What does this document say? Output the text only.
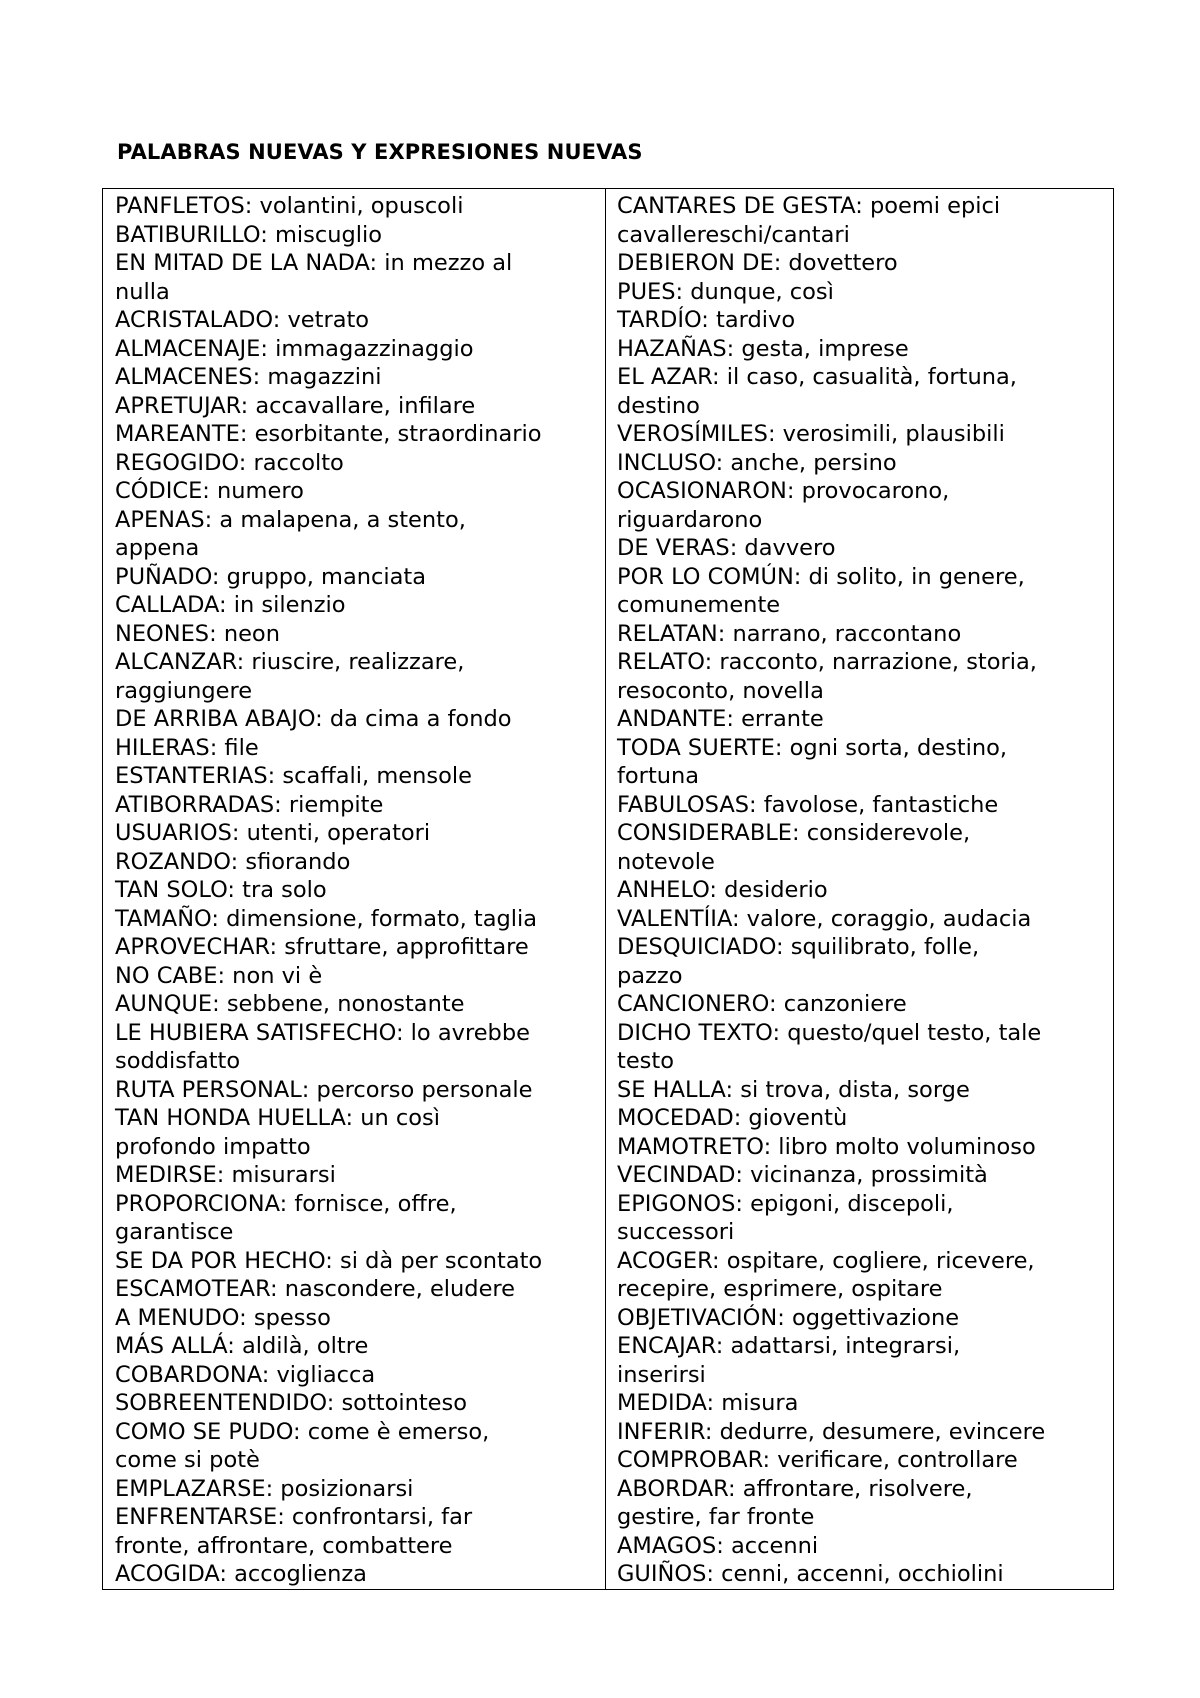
PALABRAS NUEVAS Y EXPRESIONES NUEVAS
PANFLETOS: volantini, opuscoli
BATIBURILLO: miscuglio
EN MITAD DE LA NADA: in mezzo al
nulla
ACRISTALADO: vetrato
ALMACENAJE: immagazzinaggio
ALMACENES: magazzini
APRETUJAR: accavallare, infilare
MAREANTE: esorbitante, straordinario
REGOGIDO: raccolto
CÓDICE: numero
APENAS: a malapena, a stento,
appena
PUÑADO: gruppo, manciata
CALLADA: in silenzio
NEONES: neon
ALCANZAR: riuscire, realizzare,
raggiungere
DE ARRIBA ABAJO: da cima a fondo
HILERAS: file
ESTANTERIAS: scaffali, mensole
ATIBORRADAS: riempite
USUARIOS: utenti, operatori
ROZANDO: sfiorando
TAN SOLO: tra solo
TAMAÑO: dimensione, formato, taglia
APROVECHAR: sfruttare, approfittare
NO CABE: non vi è
AUNQUE: sebbene, nonostante
LE HUBIERA SATISFECHO: lo avrebbe
soddisfatto
RUTA PERSONAL: percorso personale
TAN HONDA HUELLA: un così
profondo impatto
MEDIRSE: misurarsi
PROPORCIONA: fornisce, offre,
garantisce
SE DA POR HECHO: si dà per scontato
ESCAMOTEAR: nascondere, eludere
A MENUDO: spesso
MÁS ALLÁ: aldilà, oltre
COBARDONA: vigliacca
SOBREENTENDIDO: sottointeso
COMO SE PUDO: come è emerso,
come si potè
EMPLAZARSE: posizionarsi
ENFRENTARSE: confrontarsi, far
fronte, affrontare, combattere
ACOGIDA: accoglienza

CANTARES DE GESTA: poemi epici
cavallereschi/cantari
DEBIERON DE: dovettero
PUES: dunque, così
TARDÍO: tardivo
HAZAÑAS: gesta, imprese
EL AZAR: il caso, casualità, fortuna,
destino
VEROSÍMILES: verosimili, plausibili
INCLUSO: anche, persino
OCASIONARON: provocarono,
riguardarono
DE VERAS: davvero
POR LO COMÚN: di solito, in genere,
comunemente
RELATAN: narrano, raccontano
RELATO: racconto, narrazione, storia,
resoconto, novella
ANDANTE: errante
TODA SUERTE: ogni sorta, destino,
fortuna
FABULOSAS: favolose, fantastiche
CONSIDERABLE: considerevole,
notevole
ANHELO: desiderio
VALENTÍIA: valore, coraggio, audacia
DESQUICIADO: squilibrato, folle,
pazzo
CANCIONERO: canzoniere
DICHO TEXTO: questo/quel testo, tale
testo
SE HALLA: si trova, dista, sorge
MOCEDAD: gioventù
MAMOTRETO: libro molto voluminoso
VECINDAD: vicinanza, prossimità
EPIGONOS: epigoni, discepoli,
successori
ACOGER: ospitare, cogliere, ricevere,
recepire, esprimere, ospitare
OBJETIVACIÓN: oggettivazione
ENCAJAR: adattarsi, integrarsi,
inserirsi
MEDIDA: misura
INFERIR: dedurre, desumere, evincere
COMPROBAR: verificare, controllare
ABORDAR: affrontare, risolvere,
gestire, far fronte
AMAGOS: accenni
GUIÑOS: cenni, accenni, occhiolini
